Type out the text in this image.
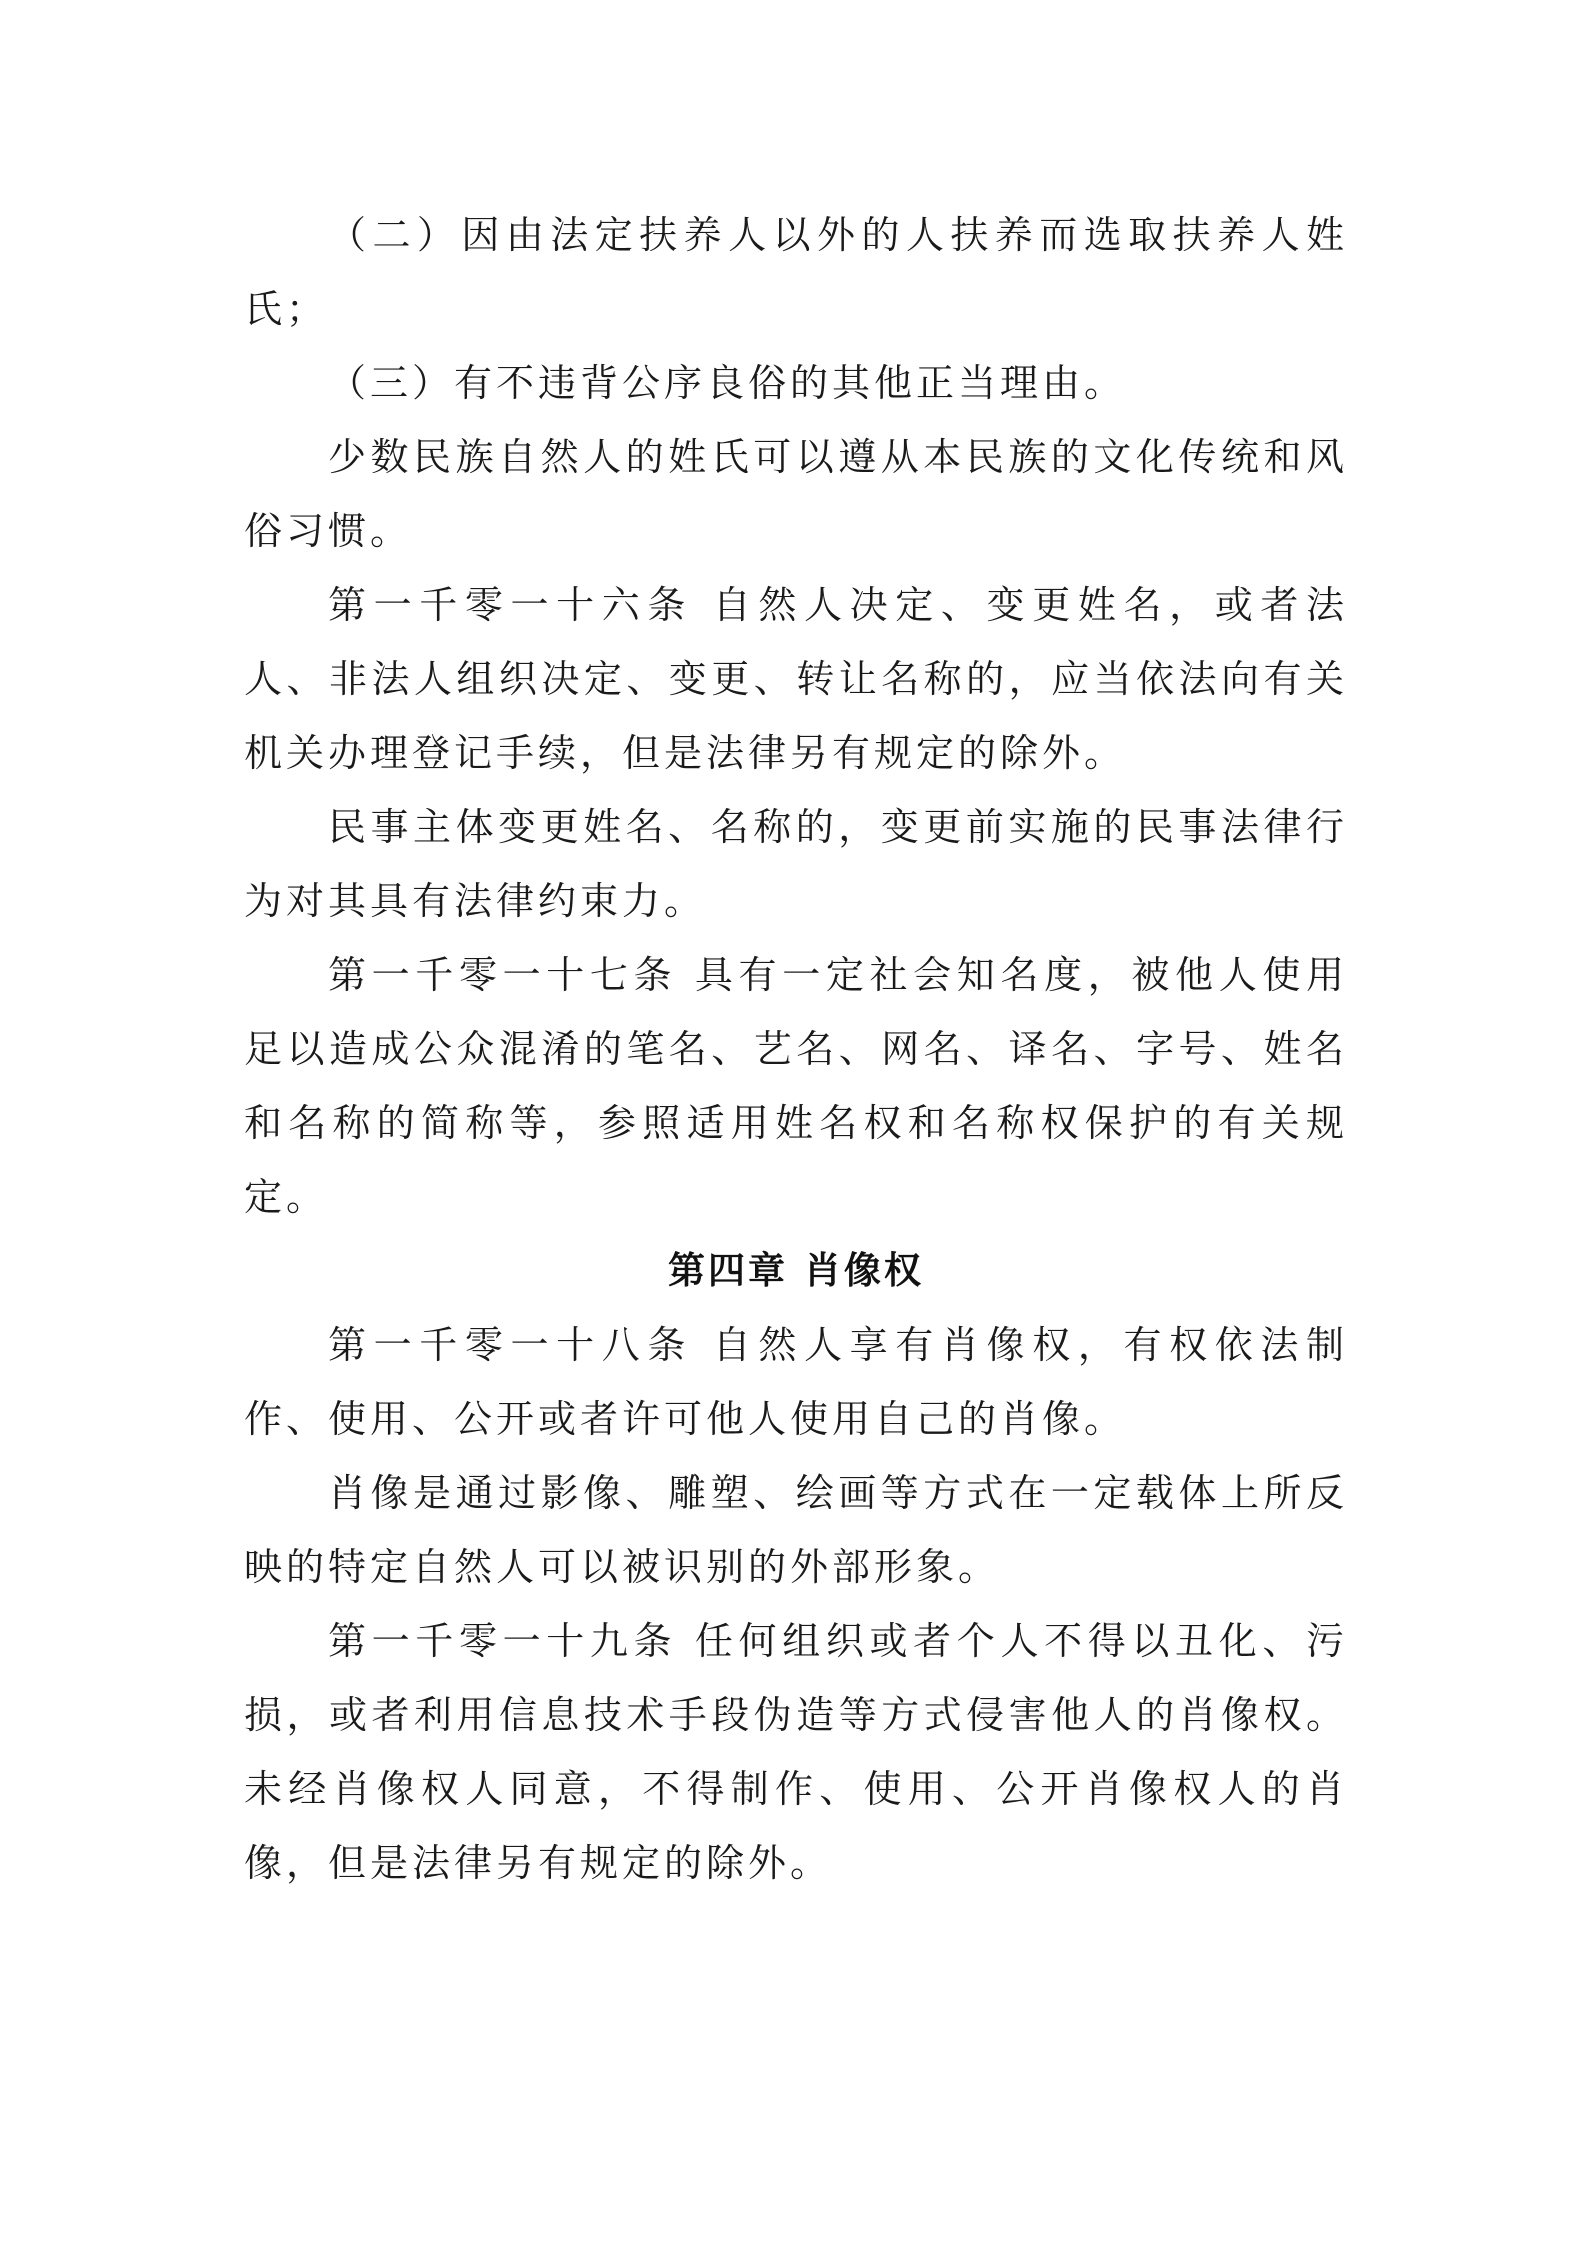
（二）因由法定扶养人以外的人扶养而选取扶养人姓氏；

（三）有不违背公序良俗的其他正当理由。

少数民族自然人的姓氏可以遵从本民族的文化传统和风俗习惯。

第一千零一十六条 自然人决定、变更姓名，或者法人、非法人组织决定、变更、转让名称的，应当依法向有关机关办理登记手续，但是法律另有规定的除外。

民事主体变更姓名、名称的，变更前实施的民事法律行为对其具有法律约束力。

第一千零一十七条 具有一定社会知名度，被他人使用足以造成公众混淆的笔名、艺名、网名、译名、字号、姓名和名称的简称等，参照适用姓名权和名称权保护的有关规定。

第四章 肖像权

第一千零一十八条 自然人享有肖像权，有权依法制作、使用、公开或者许可他人使用自己的肖像。

肖像是通过影像、雕塑、绘画等方式在一定载体上所反映的特定自然人可以被识别的外部形象。

第一千零一十九条 任何组织或者个人不得以丑化、污损，或者利用信息技术手段伪造等方式侵害他人的肖像权。未经肖像权人同意，不得制作、使用、公开肖像权人的肖像，但是法律另有规定的除外。
